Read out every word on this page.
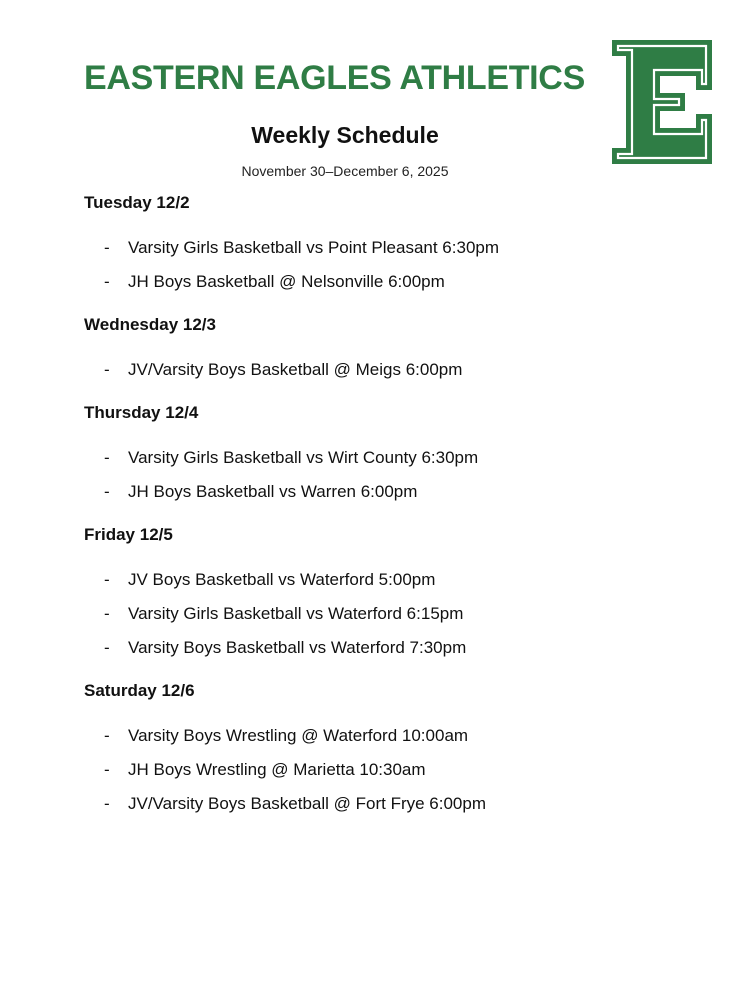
EASTERN EAGLES ATHLETICS
Weekly Schedule

November 30–December 6, 2025

Tuesday 12/2
- Varsity Girls Basketball vs Point Pleasant 6:30pm
- JH Boys Basketball @ Nelsonville 6:00pm
Wednesday 12/3
- JV/Varsity Boys Basketball @ Meigs 6:00pm
Thursday 12/4
- Varsity Girls Basketball vs Wirt County 6:30pm
- JH Boys Basketball vs Warren 6:00pm
Friday 12/5
- JV Boys Basketball vs Waterford 5:00pm
- Varsity Girls Basketball vs Waterford 6:15pm
- Varsity Boys Basketball vs Waterford 7:30pm
Saturday 12/6
- Varsity Boys Wrestling @ Waterford 10:00am
- JH Boys Wrestling @ Marietta 10:30am
- JV/Varsity Boys Basketball @ Fort Frye 6:00pm
